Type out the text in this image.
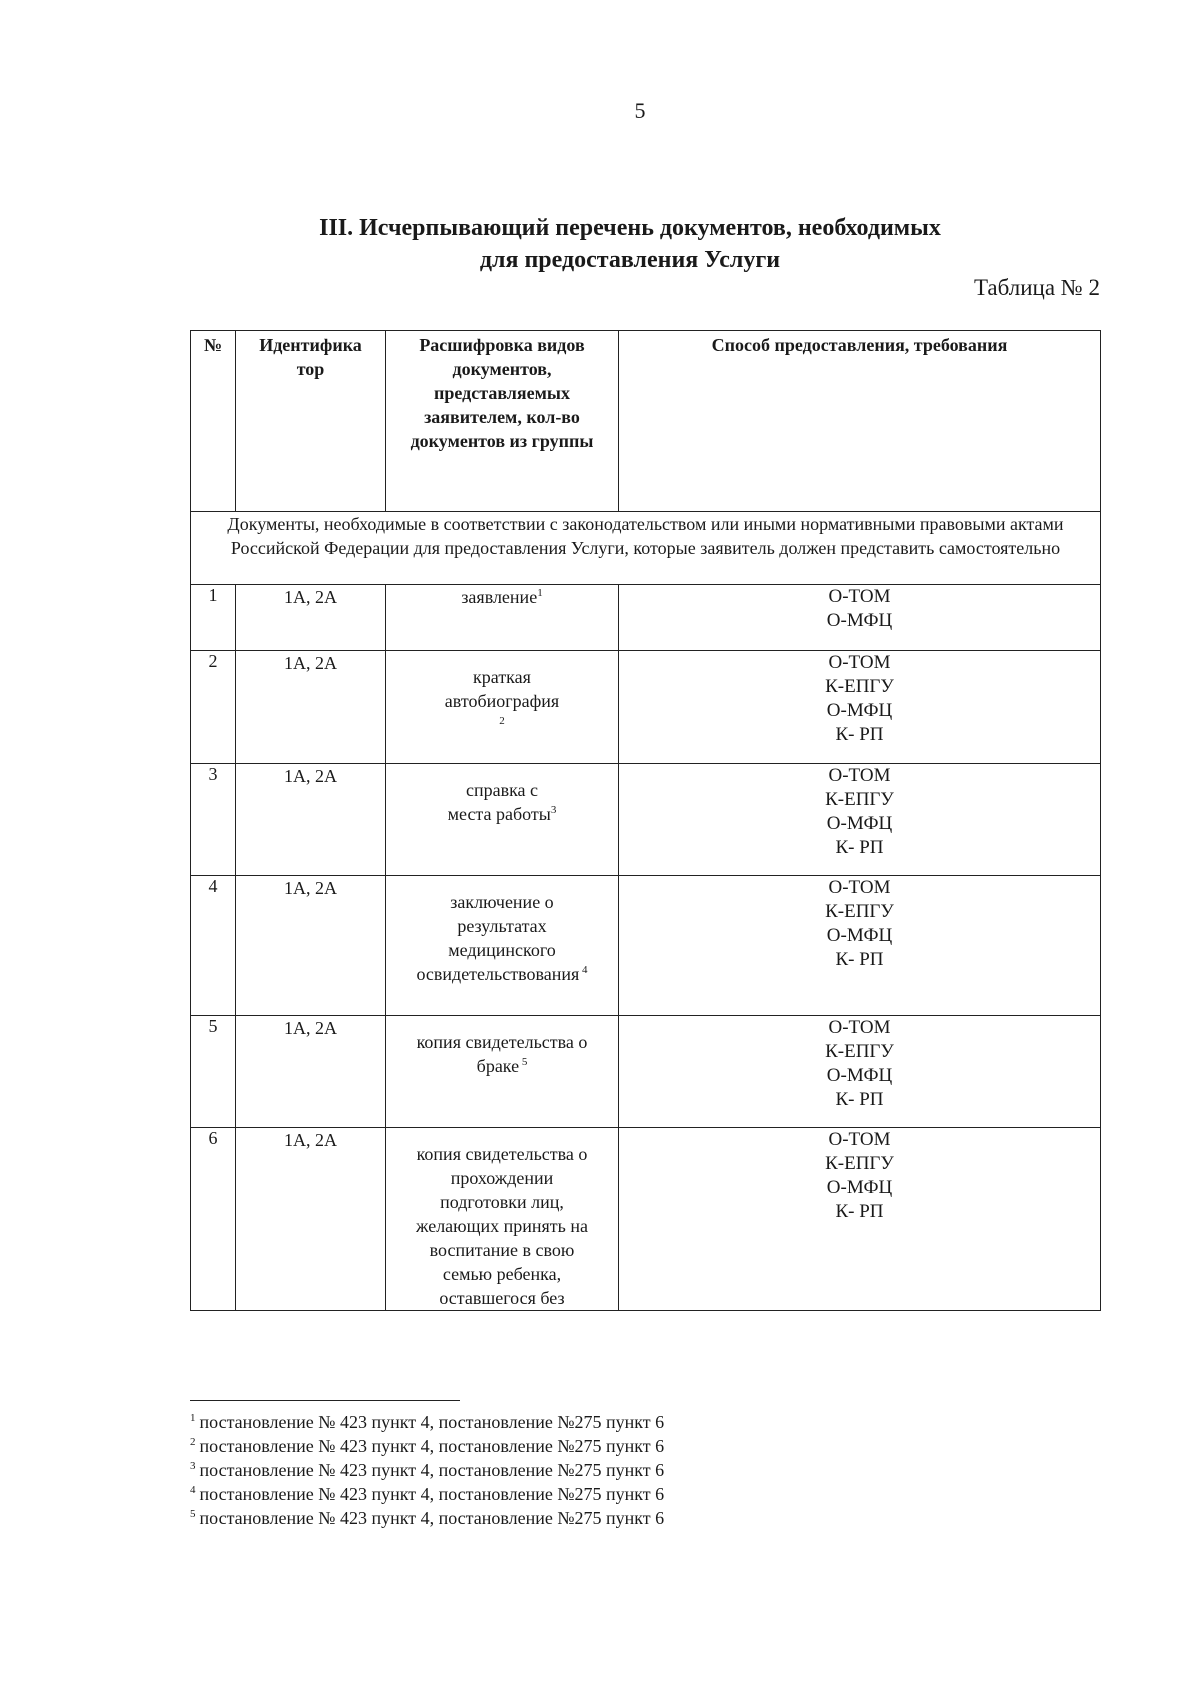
5
III. Исчерпывающий перечень документов, необходимых
для предоставления Услуги
Таблица № 2
№	Идентифика тор	Расшифровка видов документов, представляемых заявителем, кол-во документов из группы	Способ предоставления, требования
Документы, необходимые в соответствии с законодательством или иными нормативными правовыми актами Российской Федерации для предоставления Услуги, которые заявитель должен представить самостоятельно			
1	1А, 2А	заявление$^1$	О-ТОМ
О-МФЦ

2	1А, 2А	краткая автобиография $^2$	О-ТОМ
К-ЕПГУ
О-МФЦ
К- РП

3	1А, 2А	справка с места работы$^3$	О-ТОМ
К-ЕПГУ
О-МФЦ
К- РП

4	1А, 2А	заключение о результатах медицинского освидетельствования $^4$	О-ТОМ
К-ЕПГУ
О-МФЦ
К- РП

5	1А, 2А	копия свидетельства о браке $^5$	О-ТОМ
К-ЕПГУ
О-МФЦ
К- РП

6	1А, 2А	копия свидетельства о прохождении подготовки лиц, желающих принять на воспитание в свою семью ребенка, оставшегося без	О-ТОМ
К-ЕПГУ
О-МФЦ
К- РП
$^1$ постановление № 423 пункт 4, постановление №275 пункт 6
$^2$ постановление № 423 пункт 4, постановление №275 пункт 6
$^3$ постановление № 423 пункт 4, постановление №275 пункт 6
$^4$ постановление № 423 пункт 4, постановление №275 пункт 6
$^5$ постановление № 423 пункт 4, постановление №275 пункт 6
